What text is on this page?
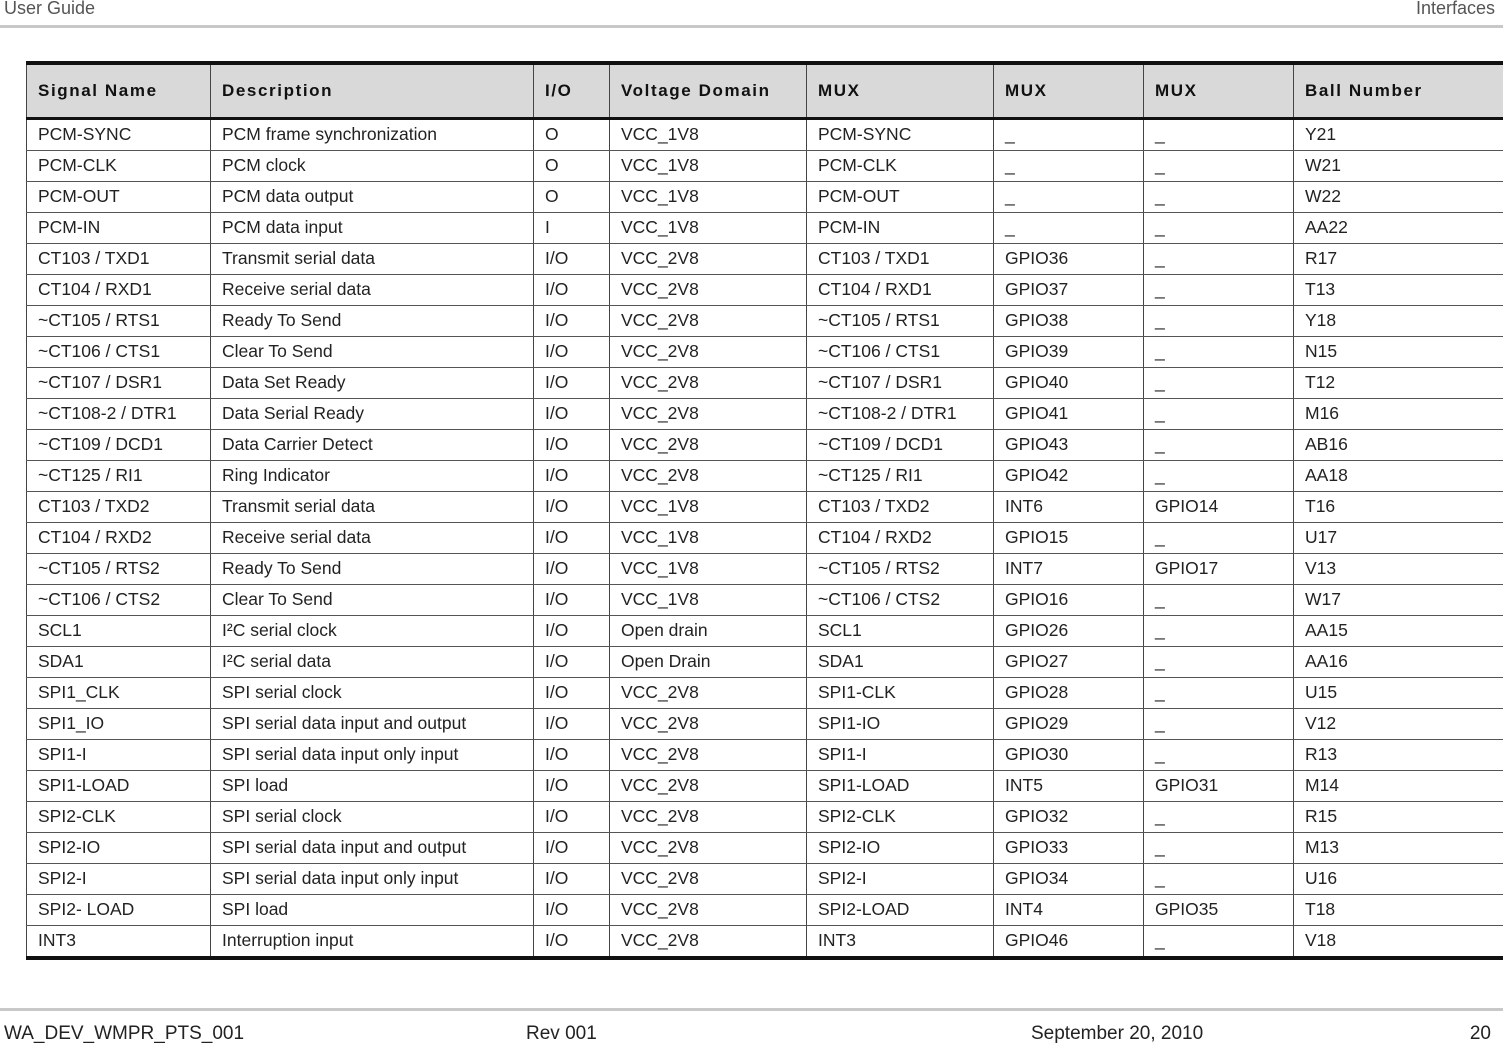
User Guide	Interfaces
Signal Name	Description	I/O	Voltage Domain	MUX	MUX	MUX	Ball Number
PCM-SYNC	PCM frame synchronization	O	VCC_1V8	PCM-SYNC	_	_	Y21
PCM-CLK	PCM clock	O	VCC_1V8	PCM-CLK	_	_	W21
PCM-OUT	PCM data output	O	VCC_1V8	PCM-OUT	_	_	W22
PCM-IN	PCM data input	I	VCC_1V8	PCM-IN	_	_	AA22
CT103 / TXD1	Transmit serial data	I/O	VCC_2V8	CT103 / TXD1	GPIO36	_	R17
CT104 / RXD1	Receive serial data	I/O	VCC_2V8	CT104 / RXD1	GPIO37	_	T13
~CT105 / RTS1	Ready To Send	I/O	VCC_2V8	~CT105 / RTS1	GPIO38	_	Y18
~CT106 / CTS1	Clear To Send	I/O	VCC_2V8	~CT106 / CTS1	GPIO39	_	N15
~CT107 / DSR1	Data Set Ready	I/O	VCC_2V8	~CT107 / DSR1	GPIO40	_	T12
~CT108-2 / DTR1	Data Serial Ready	I/O	VCC_2V8	~CT108-2 / DTR1	GPIO41	_	M16
~CT109 / DCD1	Data Carrier Detect	I/O	VCC_2V8	~CT109 / DCD1	GPIO43	_	AB16
~CT125 / RI1	Ring Indicator	I/O	VCC_2V8	~CT125 / RI1	GPIO42	_	AA18
CT103 / TXD2	Transmit serial data	I/O	VCC_1V8	CT103 / TXD2	INT6	GPIO14	T16
CT104 / RXD2	Receive serial data	I/O	VCC_1V8	CT104 / RXD2	GPIO15	_	U17
~CT105 / RTS2	Ready To Send	I/O	VCC_1V8	~CT105 / RTS2	INT7	GPIO17	V13
~CT106 / CTS2	Clear To Send	I/O	VCC_1V8	~CT106 / CTS2	GPIO16	_	W17
SCL1	I²C serial clock	I/O	Open drain	SCL1	GPIO26	_	AA15
SDA1	I²C serial data	I/O	Open Drain	SDA1	GPIO27	_	AA16
SPI1_CLK	SPI serial clock	I/O	VCC_2V8	SPI1-CLK	GPIO28	_	U15
SPI1_IO	SPI serial data input and output	I/O	VCC_2V8	SPI1-IO	GPIO29	_	V12
SPI1-I	SPI serial data input only input	I/O	VCC_2V8	SPI1-I	GPIO30	_	R13
SPI1-LOAD	SPI load	I/O	VCC_2V8	SPI1-LOAD	INT5	GPIO31	M14
SPI2-CLK	SPI serial clock	I/O	VCC_2V8	SPI2-CLK	GPIO32	_	R15
SPI2-IO	SPI serial data input and output	I/O	VCC_2V8	SPI2-IO	GPIO33	_	M13
SPI2-I	SPI serial data input only input	I/O	VCC_2V8	SPI2-I	GPIO34	_	U16
SPI2- LOAD	SPI load	I/O	VCC_2V8	SPI2-LOAD	INT4	GPIO35	T18
INT3	Interruption input	I/O	VCC_2V8	INT3	GPIO46	_	V18
WA_DEV_WMPR_PTS_001	Rev 001	September 20, 2010	20
